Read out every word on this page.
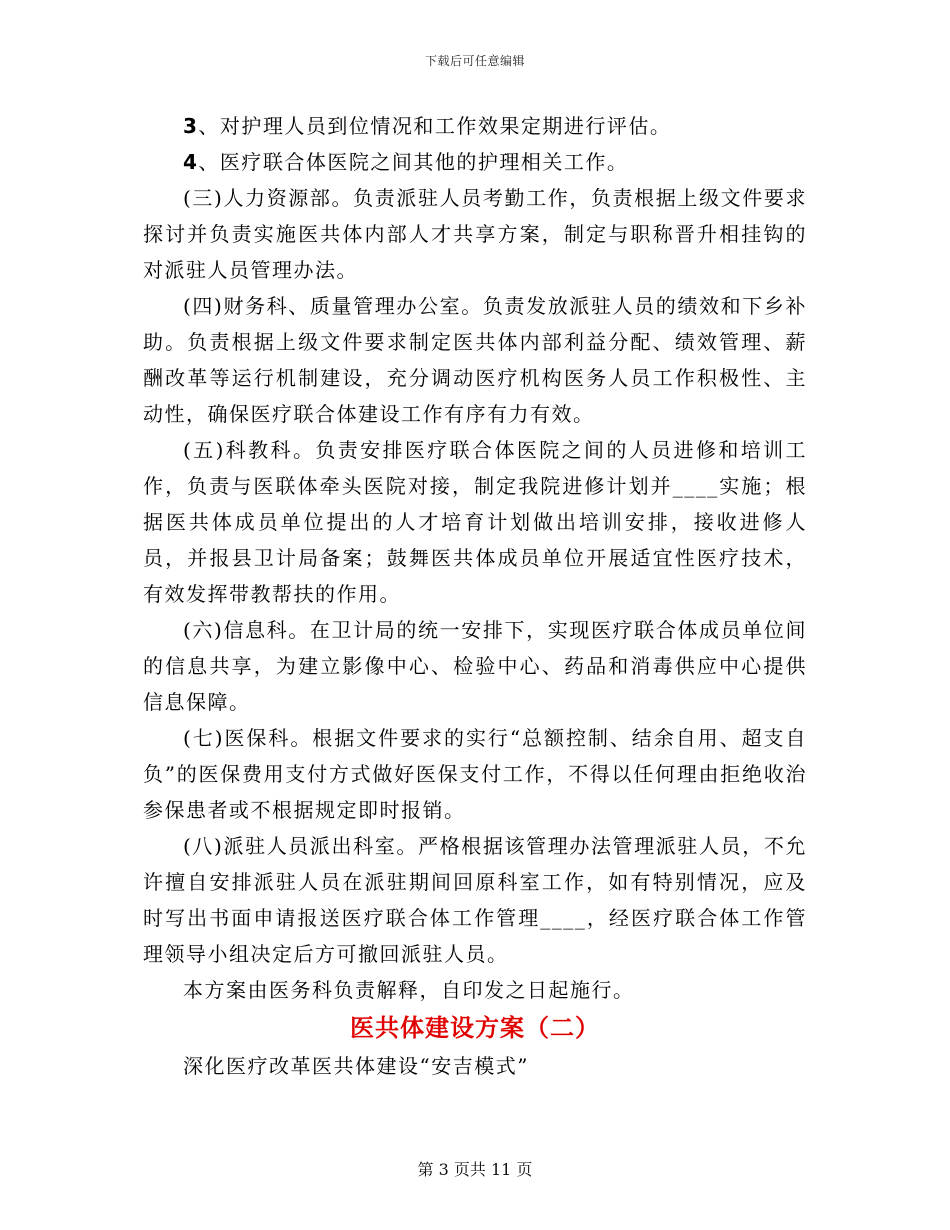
下载后可任意编辑

3、对护理人员到位情况和工作效果定期进行评估。

4、医疗联合体医院之间其他的护理相关工作。

(三)人力资源部。负责派驻人员考勤工作，负责根据上级文件要求探讨并负责实施医共体内部人才共享方案，制定与职称晋升相挂钩的对派驻人员管理办法。

(四)财务科、质量管理办公室。负责发放派驻人员的绩效和下乡补助。负责根据上级文件要求制定医共体内部利益分配、绩效管理、薪酬改革等运行机制建设，充分调动医疗机构医务人员工作积极性、主动性，确保医疗联合体建设工作有序有力有效。

(五)科教科。负责安排医疗联合体医院之间的人员进修和培训工作，负责与医联体牵头医院对接，制定我院进修计划并____实施；根据医共体成员单位提出的人才培育计划做出培训安排，接收进修人员，并报县卫计局备案；鼓舞医共体成员单位开展适宜性医疗技术，有效发挥带教帮扶的作用。

(六)信息科。在卫计局的统一安排下，实现医疗联合体成员单位间的信息共享，为建立影像中心、检验中心、药品和消毒供应中心提供信息保障。

(七)医保科。根据文件要求的实行“总额控制、结余自用、超支自负”的医保费用支付方式做好医保支付工作，不得以任何理由拒绝收治参保患者或不根据规定即时报销。

(八)派驻人员派出科室。严格根据该管理办法管理派驻人员，不允许擅自安排派驻人员在派驻期间回原科室工作，如有特别情况，应及时写出书面申请报送医疗联合体工作管理____，经医疗联合体工作管理领导小组决定后方可撤回派驻人员。

本方案由医务科负责解释，自印发之日起施行。

医共体建设方案（二）

深化医疗改革医共体建设“安吉模式”

第 3 页共 11 页
